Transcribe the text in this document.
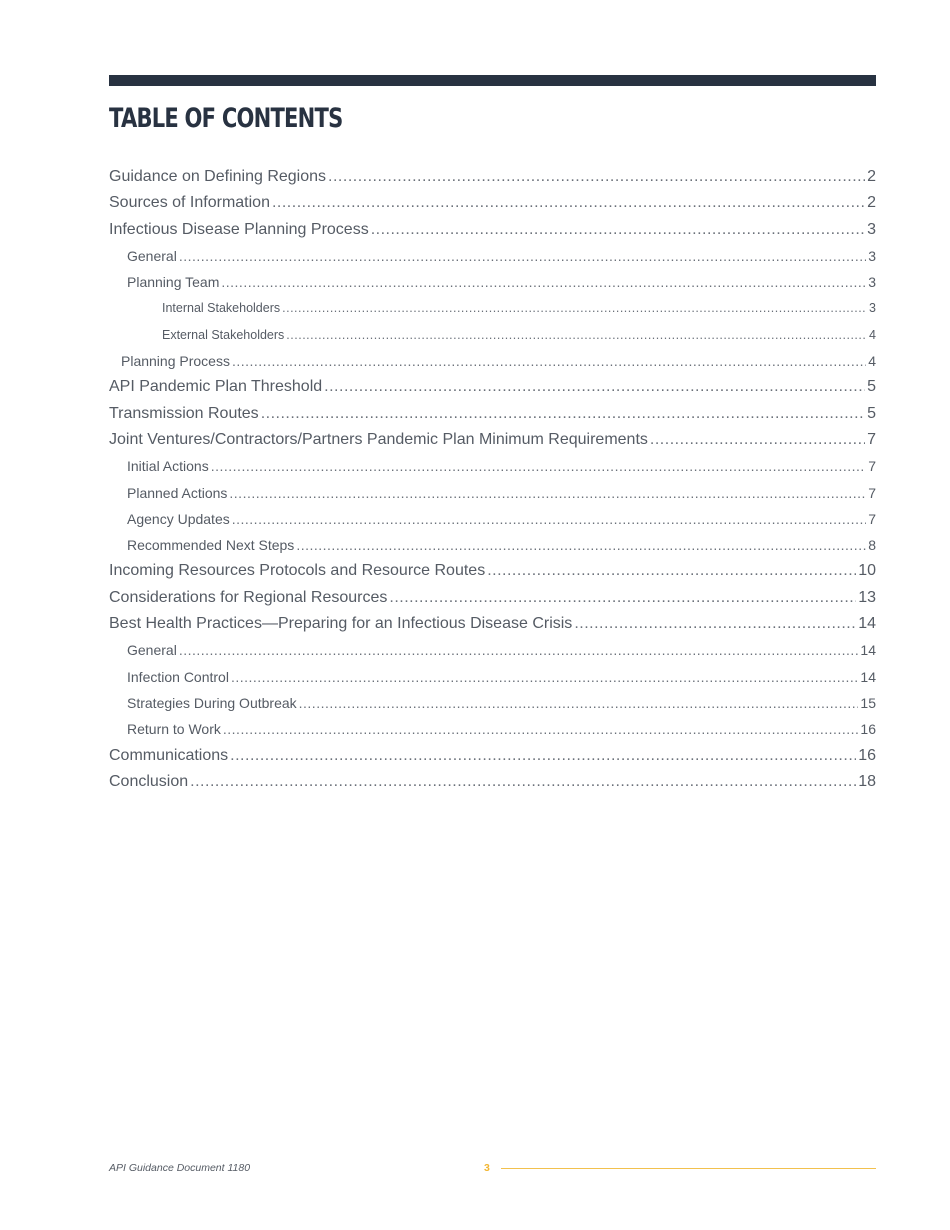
TABLE OF CONTENTS
Guidance on Defining Regions .....	2
Sources of Information .....	2
Infectious Disease Planning Process .....	3
General .....	3
Planning Team .....	3
Internal Stakeholders .....	3
External Stakeholders .....	4
Planning Process .....	4
API Pandemic Plan Threshold .....	5
Transmission Routes .....	5
Joint Ventures/Contractors/Partners Pandemic Plan Minimum Requirements .....	7
Initial Actions .....	7
Planned Actions .....	7
Agency Updates .....	7
Recommended Next Steps .....	8
Incoming Resources Protocols and Resource Routes .....	10
Considerations for Regional Resources .....	13
Best Health Practices—Preparing for an Infectious Disease Crisis .....	14
General .....	14
Infection Control .....	14
Strategies During Outbreak .....	15
Return to Work .....	16
Communications .....	16
Conclusion .....	18
API Guidance Document 1180	3
